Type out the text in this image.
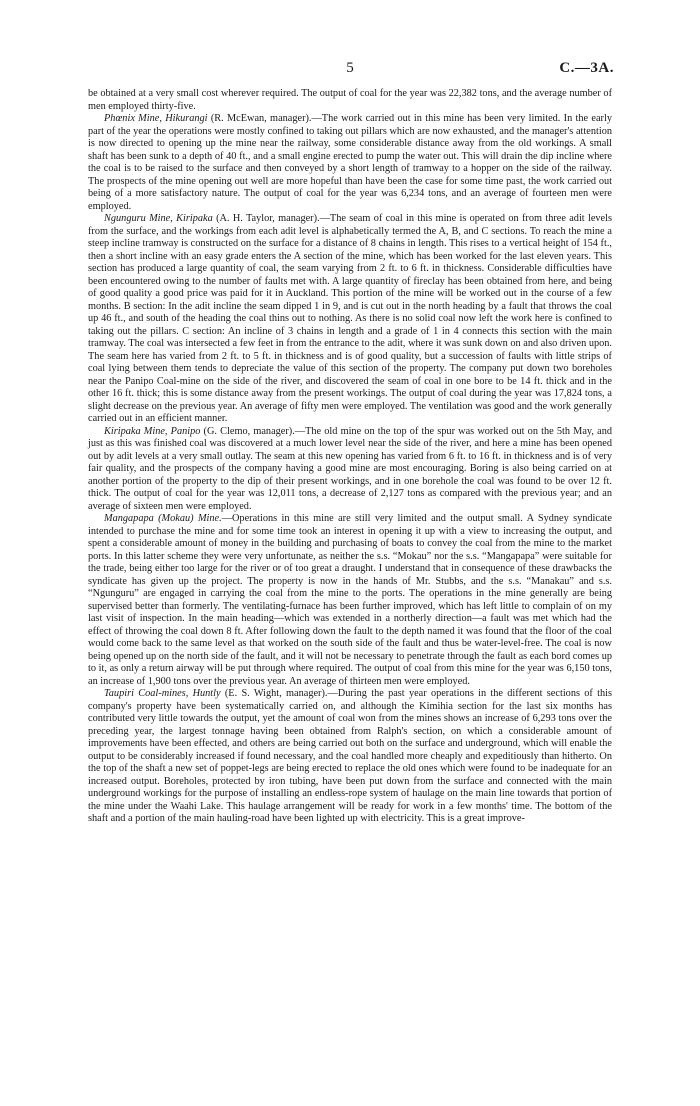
5	C.—3A.

be obtained at a very small cost wherever required. The output of coal for the year was 22,382 tons, and the average number of men employed thirty-five.

Phœnix Mine, Hikurangi (R. McEwan, manager).—The work carried out in this mine has been very limited. In the early part of the year the operations were mostly confined to taking out pillars which are now exhausted, and the manager's attention is now directed to opening up the mine near the railway, some considerable distance away from the old workings. A small shaft has been sunk to a depth of 40 ft., and a small engine erected to pump the water out. This will drain the dip incline where the coal is to be raised to the surface and then conveyed by a short length of tramway to a hopper on the side of the railway. The prospects of the mine opening out well are more hopeful than have been the case for some time past, the work carried out being of a more satisfactory nature. The output of coal for the year was 6,234 tons, and an average of fourteen men were employed.

Ngunguru Mine, Kiripaka (A. H. Taylor, manager).—The seam of coal in this mine is operated on from three adit levels from the surface, and the workings from each adit level is alphabetically termed the A, B, and C sections. To reach the mine a steep incline tramway is constructed on the surface for a distance of 8 chains in length. This rises to a vertical height of 154 ft., then a short incline with an easy grade enters the A section of the mine, which has been worked for the last eleven years. This section has produced a large quantity of coal, the seam varying from 2 ft. to 6 ft. in thickness. Considerable difficulties have been encountered owing to the number of faults met with. A large quantity of fireclay has been obtained from here, and being of good quality a good price was paid for it in Auckland. This portion of the mine will be worked out in the course of a few months. B section: In the adit incline the seam dipped 1 in 9, and is cut out in the north heading by a fault that throws the coal up 46 ft., and south of the heading the coal thins out to nothing. As there is no solid coal now left the work here is confined to taking out the pillars. C section: An incline of 3 chains in length and a grade of 1 in 4 connects this section with the main tramway. The coal was intersected a few feet in from the entrance to the adit, where it was sunk down on and also driven upon. The seam here has varied from 2 ft. to 5 ft. in thickness and is of good quality, but a succession of faults with little strips of coal lying between them tends to depreciate the value of this section of the property. The company put down two boreholes near the Panipo Coal-mine on the side of the river, and discovered the seam of coal in one bore to be 14 ft. thick and in the other 16 ft. thick; this is some distance away from the present workings. The output of coal during the year was 17,824 tons, a slight decrease on the previous year. An average of fifty men were employed. The ventilation was good and the work generally carried out in an efficient manner.

Kiripaka Mine, Panipo (G. Clemo, manager).—The old mine on the top of the spur was worked out on the 5th May, and just as this was finished coal was discovered at a much lower level near the side of the river, and here a mine has been opened out by adit levels at a very small outlay. The seam at this new opening has varied from 6 ft. to 16 ft. in thickness and is of very fair quality, and the prospects of the company having a good mine are most encouraging. Boring is also being carried on at another portion of the property to the dip of their present workings, and in one borehole the coal was found to be over 12 ft. thick. The output of coal for the year was 12,011 tons, a decrease of 2,127 tons as compared with the previous year; and an average of sixteen men were employed.

Mangapapa (Mokau) Mine.—Operations in this mine are still very limited and the output small. A Sydney syndicate intended to purchase the mine and for some time took an interest in opening it up with a view to increasing the output, and spent a considerable amount of money in the building and purchasing of boats to convey the coal from the mine to the market ports. In this latter scheme they were very unfortunate, as neither the s.s. “Mokau” nor the s.s. “Mangapapa” were suitable for the trade, being either too large for the river or of too great a draught. I understand that in consequence of these drawbacks the syndicate has given up the project. The property is now in the hands of Mr. Stubbs, and the s.s. “Manakau” and s.s. “Ngunguru” are engaged in carrying the coal from the mine to the ports. The operations in the mine generally are being supervised better than formerly. The ventilating-furnace has been further improved, which has left little to complain of on my last visit of inspection. In the main heading—which was extended in a northerly direction—a fault was met which had the effect of throwing the coal down 8 ft. After following down the fault to the depth named it was found that the floor of the coal would come back to the same level as that worked on the south side of the fault and thus be water-level-free. The coal is now being opened up on the north side of the fault, and it will not be necessary to penetrate through the fault as each bord comes up to it, as only a return airway will be put through where required. The output of coal from this mine for the year was 6,150 tons, an increase of 1,900 tons over the previous year. An average of thirteen men were employed.

Taupiri Coal-mines, Huntly (E. S. Wight, manager).—During the past year operations in the different sections of this company's property have been systematically carried on, and although the Kimihia section for the last six months has contributed very little towards the output, yet the amount of coal won from the mines shows an increase of 6,293 tons over the preceding year, the largest tonnage having been obtained from Ralph's section, on which a considerable amount of improvements have been effected, and others are being carried out both on the surface and underground, which will enable the output to be considerably increased if found necessary, and the coal handled more cheaply and expeditiously than hitherto. On the top of the shaft a new set of poppet-legs are being erected to replace the old ones which were found to be inadequate for an increased output. Boreholes, protected by iron tubing, have been put down from the surface and connected with the main underground workings for the purpose of installing an endless-rope system of haulage on the main line towards that portion of the mine under the Waahi Lake. This haulage arrangement will be ready for work in a few months' time. The bottom of the shaft and a portion of the main hauling-road have been lighted up with electricity. This is a great improve-
